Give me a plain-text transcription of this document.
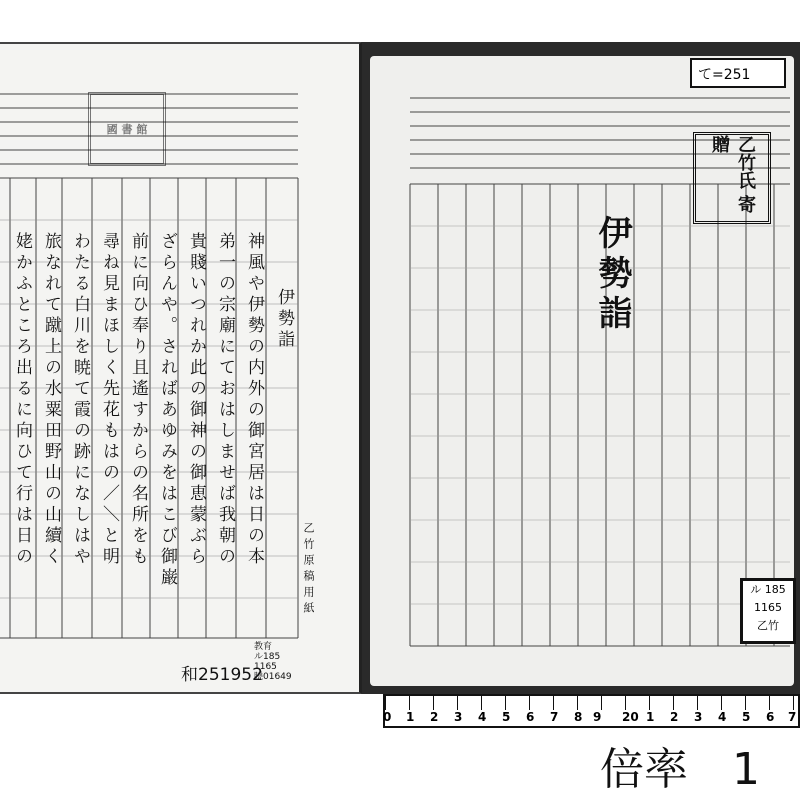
國 書 館
伊勢詣
神風や伊勢の内外の御宮居は日の本
弟一の宗廟にておはしませば我朝の
貴賤いつれか此の御神の御恵蒙ぶら
ざらんや。さればあゆみをはこび御巌
前に向ひ奉り且遙すからの名所をも
尋ね見まほしく先花もはの／＼と明
わたる白川を暁て霞の跡になしはや
旅なれて蹴上の水粟田野山の山續く
姥かふところ出るに向ひて行は日の
乙竹原稿用紙
和251952
教育
ル185
1165
曉01649
て=251
乙竹氏 寄贈
伊勢詣
ル 185
1165
乙竹
0 1 2 3 4 5 6 7 8 9 20 1 2 3 4 5 6 7
倍率　1
